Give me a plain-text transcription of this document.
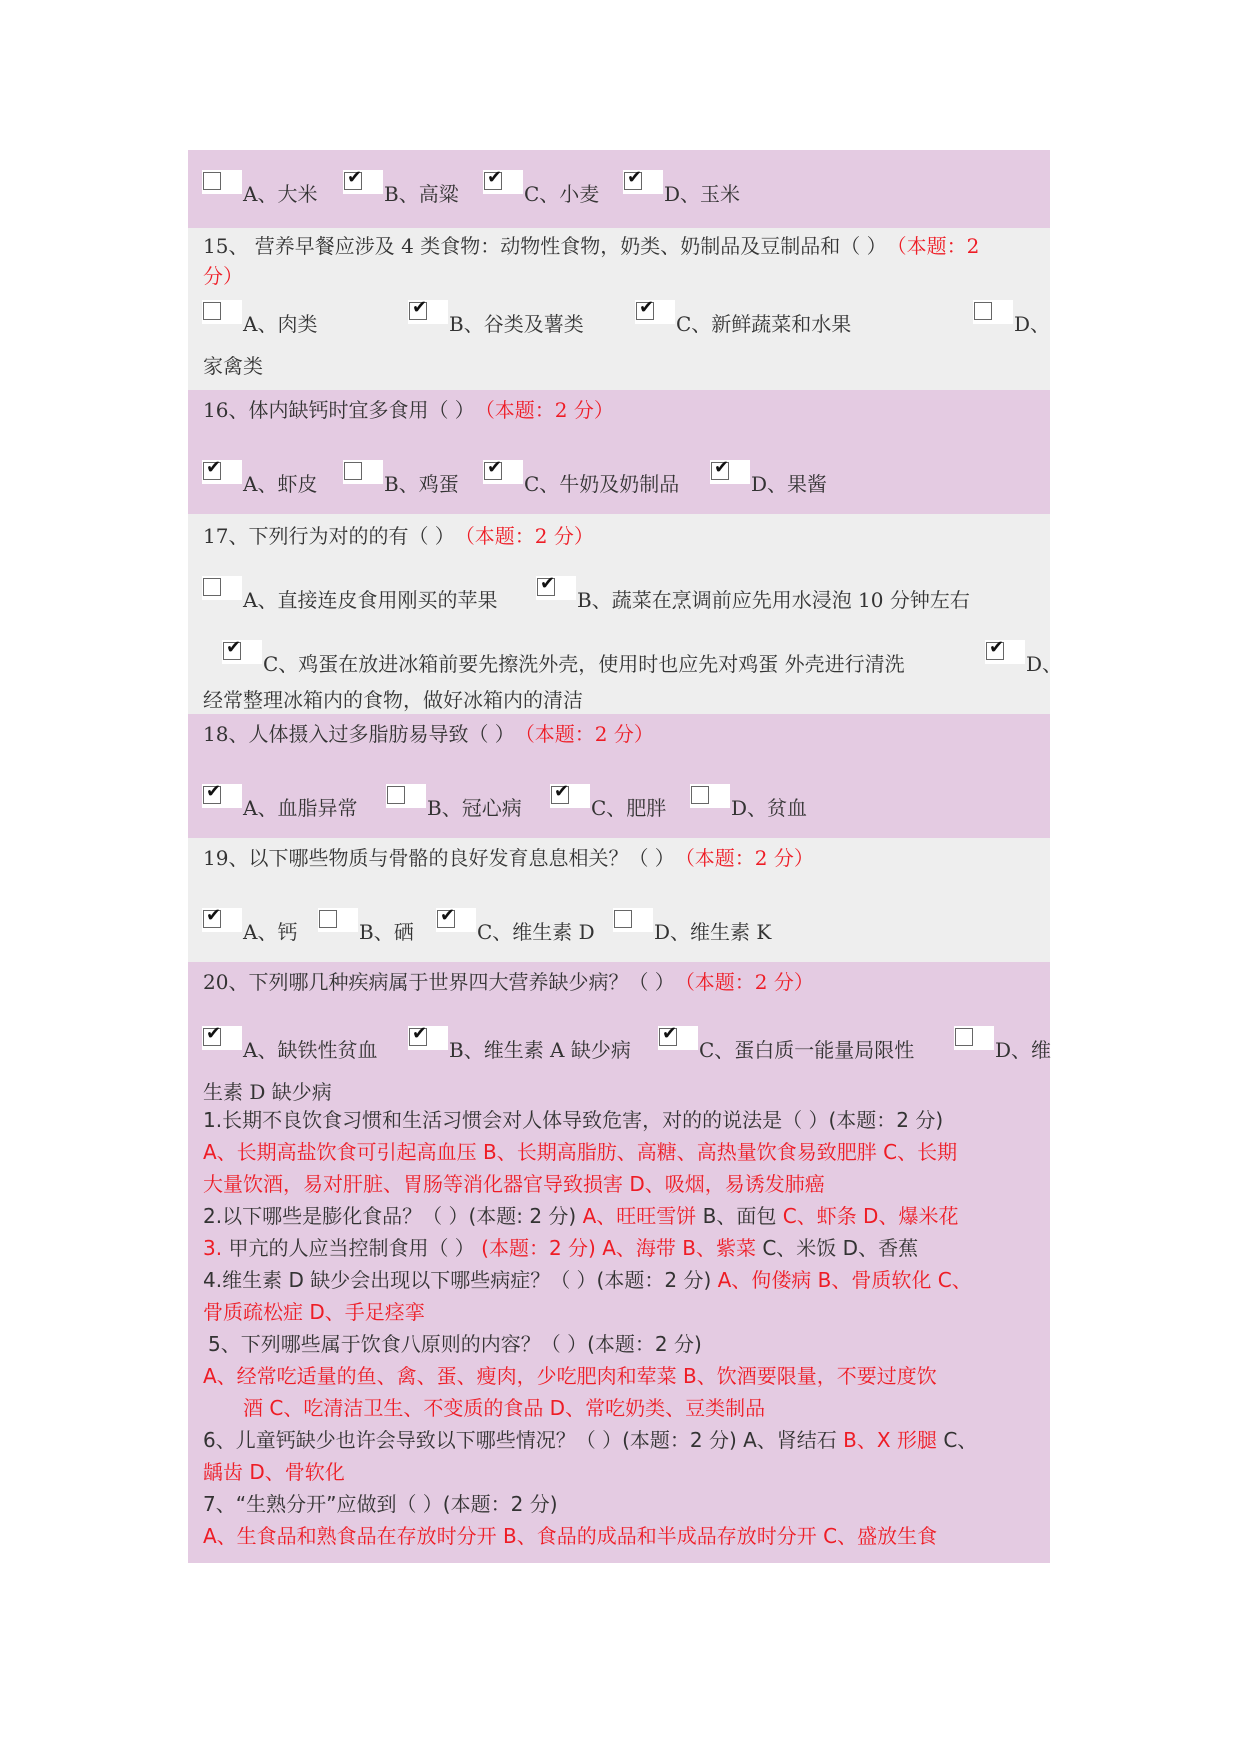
A、大米
✔
B、高粱
✔
C、小麦
✔
D、玉米
15、 营养早餐应涉及 4 类食物：动物性食物，奶类、奶制品及豆制品和（ ）　 （本题：2
分）
A、肉类
✔
B、谷类及薯类
✔
C、新鲜蔬菜和水果	D、
家禽类
16、体内缺钙时宜多食用（ ）　 （本题：2 分）
✔
A、虾皮	B、鸡蛋
✔
C、牛奶及奶制品
✔
D、果酱
17、下列行为对的的有（ ）　 （本题：2 分）
A、直接连皮食用刚买的苹果
✔
B、蔬菜在烹调前应先用水浸泡 10 分钟左右
✔
C、鸡蛋在放进冰箱前要先擦洗外壳，使用时也应先对鸡蛋 外壳进行清洗
✔
D、
经常整理冰箱内的食物，做好冰箱内的清洁
18、人体摄入过多脂肪易导致（ ）　 （本题：2 分）
✔
A、血脂异常	B、冠心病
✔
C、肥胖	D、贫血
19、以下哪些物质与骨骼的良好发育息息相关？（ ）　 （本题：2 分）
✔
A、钙	B、硒
✔
C、维生素 D	D、维生素 K
20、下列哪几种疾病属于世界四大营养缺少病？（ ）　 （本题：2 分）
✔
A、缺铁性贫血
✔
B、维生素 A 缺少病
✔
C、蛋白质一能量局限性	D、维
生素 D 缺少病
1.长期不良饮食习惯和生活习惯会对人体导致危害，对的的说法是（ ）(本题：2 分)
A、长期高盐饮食可引起高血压 B、长期高脂肪、高糖、高热量饮食易致肥胖 C、长期
大量饮酒，易对肝脏、胃肠等消化器官导致损害 D、吸烟，易诱发肺癌
2.以下哪些是膨化食品？（ ）(本题: 2 分) A、旺旺雪饼 B、面包 C、虾条 D、爆米花
3. 甲亢的人应当控制食用（ ） (本题：2 分) A、海带 B、紫菜 C、米饭 D、香蕉
4.维生素 D 缺少会出现以下哪些病症？（ ）(本题：2 分) A、佝偻病 B、骨质软化 C、
骨质疏松症 D、手足痉挛
5、下列哪些属于饮食八原则的内容？（ ）(本题：2 分)
A、经常吃适量的鱼、禽、蛋、瘦肉，少吃肥肉和荤菜 B、饮酒要限量，不要过度饮
酒 C、吃清洁卫生、不变质的食品 D、常吃奶类、豆类制品
6、儿童钙缺少也许会导致以下哪些情况？（ ）(本题：2 分) A、肾结石 B、X 形腿 C、
龋齿 D、骨软化
7、“生熟分开”应做到（ ）(本题：2 分)
A、生食品和熟食品在存放时分开 B、食品的成品和半成品存放时分开 C、盛放生食
